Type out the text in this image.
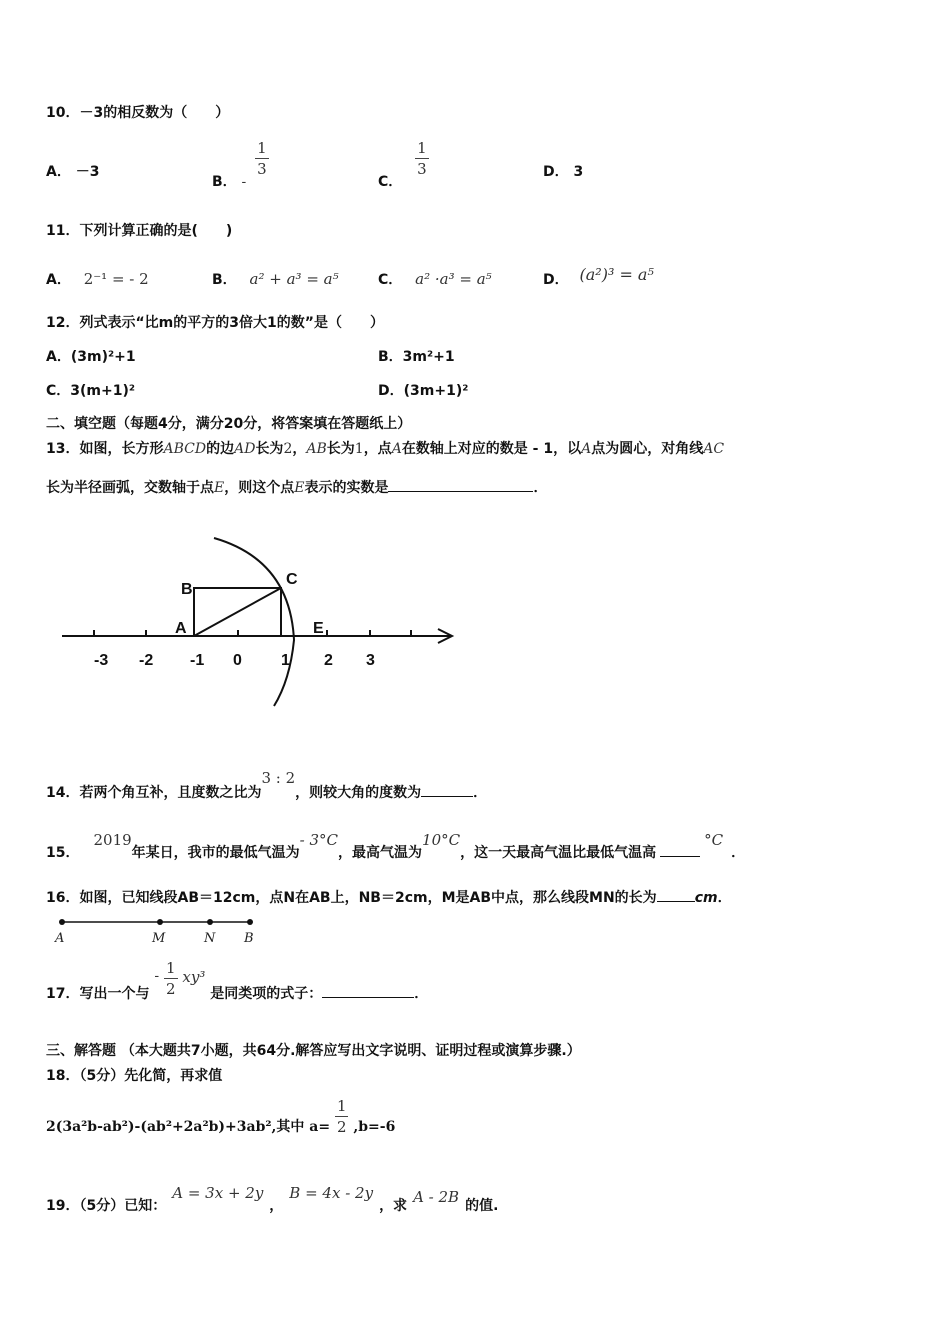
10．－3的相反数为（　　）
A． －3
B． -
$\frac{1}{3}$
C．
$\frac{1}{3}$	D． 3
11．下列计算正确的是(　　)
A． 2⁻¹ = - 2	B． a² + a³ = a⁵	C． a² ·a³ = a⁵	D． (a²)³ = a⁵
12．列式表示“比m的平方的3倍大1的数”是（　　）
A．(3m)²+1	B．3m²+1
C．3(m+1)²	D．(3m+1)²
二、填空题（每题4分，满分20分，将答案填在答题纸上）
13．如图，长方形ABCD的边AD长为2，AB长为1，点A在数轴上对应的数是 - 1，以A点为圆心，对角线AC
长为半径画弧，交数轴于点E，则这个点E表示的实数是	．
B
C
A	E
-3 -2 -1 0 1 2 3
14．若两个角互补，且度数之比为3 : 2，则较大角的度数为	．
15．2019年某日，我市的最低气温为- 3°C，最高气温为10°C，这一天最高气温比最低气温高°C．
16．如图，已知线段AB＝12cm，点N在AB上，NB＝2cm，M是AB中点，那么线段MN的长为	cm．
A	M	N B
17．写出一个与 - $\frac{1}{2} xy^3$ 是同类项的式子：	．
三、解答题 （本大题共7小题，共64分.解答应写出文字说明、证明过程或演算步骤.）
18．（5分）先化简，再求值
2(3a²b-ab²)-(ab²+2a²b)+3ab²,其中 $a= \frac{1}{2} ,b=-6$
19．（5分）已知：A = 3x + 2y，B = 4x - 2y，求 A - 2B 的值.
